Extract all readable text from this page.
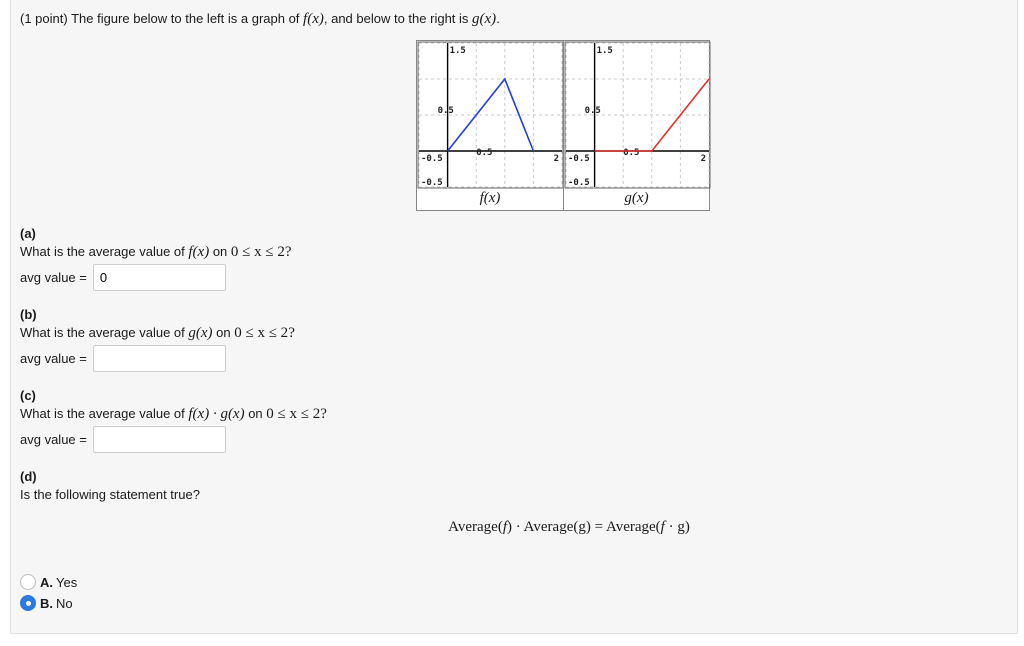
(1 point) The figure below to the left is a graph of f(x), and below to the right is g(x).
1.5
0.5
-0.5
0.5
2
-0.5
f(x)
1.5
0.5
-0.5
0.5
2
-0.5
g(x)
(a)
What is the average value of f(x) on 0 ≤ x ≤ 2?
avg value =
0
(b)
What is the average value of g(x) on 0 ≤ x ≤ 2?
avg value =
(c)
What is the average value of f(x) · g(x) on 0 ≤ x ≤ 2?
avg value =
(d)
Is the following statement true?
Average(f) · Average(g) = Average(f · g)
A. Yes
B. No
